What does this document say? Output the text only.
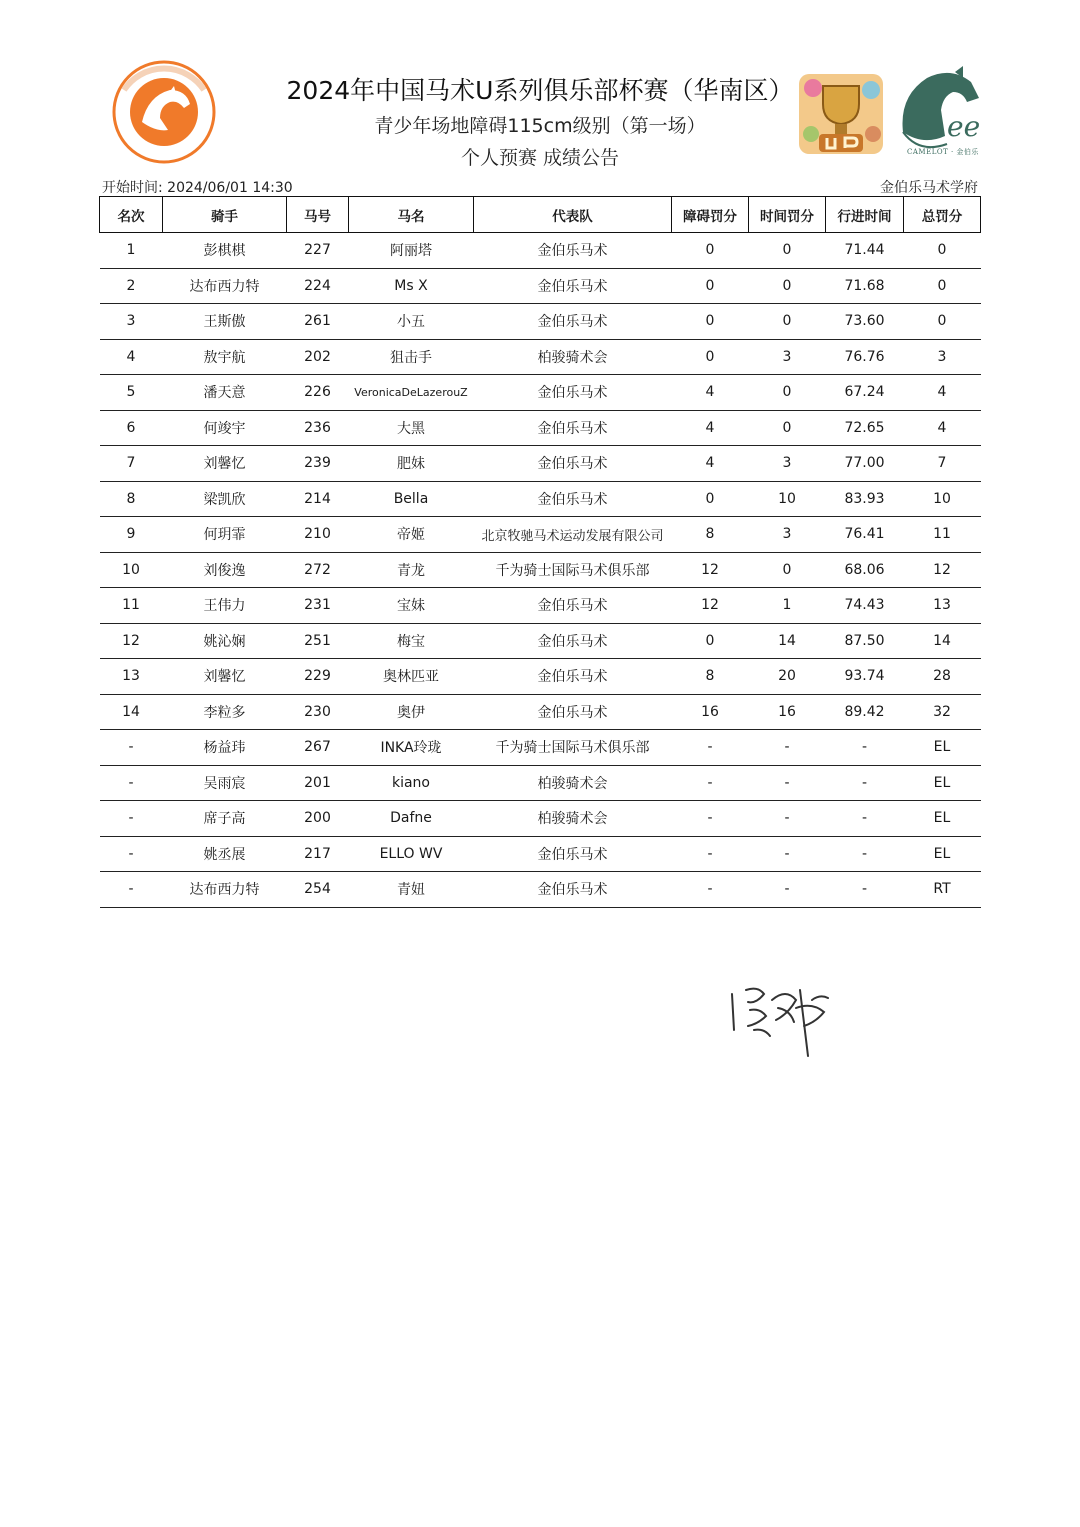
2024年中国马术U系列俱乐部杯赛（华南区）
青少年场地障碍115cm级别（第一场）
个人预赛 成绩公告
ee
CAMELOT · 金伯乐
开始时间: 2024/06/01 14:30	金伯乐马术学府
名次	骑手	马号	马名	代表队	障碍罚分	时间罚分	行进时间	总罚分
1	彭棋棋	227	阿丽塔	金伯乐马术	0	0	71.44	0
2	达布西力特	224	Ms X	金伯乐马术	0	0	71.68	0
3	王斯傲	261	小五	金伯乐马术	0	0	73.60	0
4	敖宇航	202	狙击手	柏骏骑术会	0	3	76.76	3
5	潘天意	226	VeronicaDeLazerouZ	金伯乐马术	4	0	67.24	4
6	何竣宇	236	大黑	金伯乐马术	4	0	72.65	4
7	刘馨忆	239	肥妹	金伯乐马术	4	3	77.00	7
8	梁凯欣	214	Bella	金伯乐马术	0	10	83.93	10
9	何玥霏	210	帝姬	北京牧驰马术运动发展有限公司	8	3	76.41	11
10	刘俊逸	272	青龙	千为骑士国际马术俱乐部	12	0	68.06	12
11	王伟力	231	宝妹	金伯乐马术	12	1	74.43	13
12	姚沁娴	251	梅宝	金伯乐马术	0	14	87.50	14
13	刘馨忆	229	奥林匹亚	金伯乐马术	8	20	93.74	28
14	李粒多	230	奥伊	金伯乐马术	16	16	89.42	32
-	杨益玮	267	INKA玲珑	千为骑士国际马术俱乐部	-	-	-	EL
-	吴雨宸	201	kiano	柏骏骑术会	-	-	-	EL
-	席子高	200	Dafne	柏骏骑术会	-	-	-	EL
-	姚丞展	217	ELLO WV	金伯乐马术	-	-	-	EL
-	达布西力特	254	青妞	金伯乐马术	-	-	-	RT
